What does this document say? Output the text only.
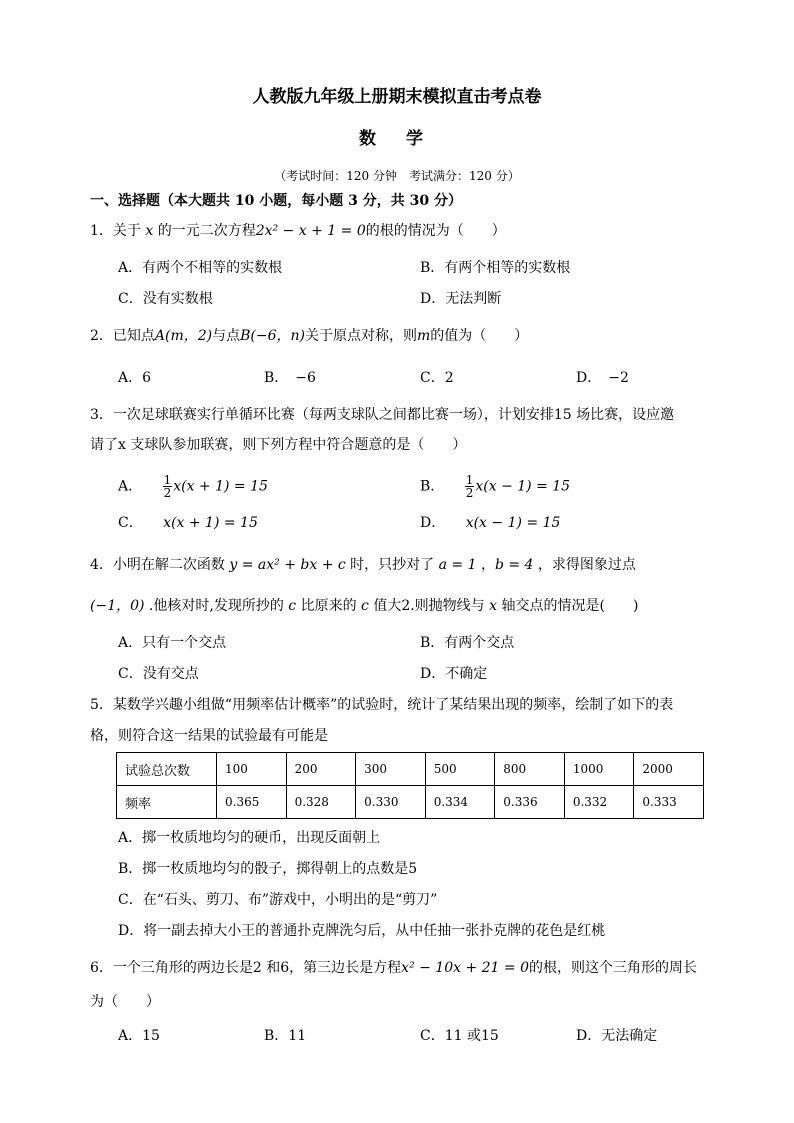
人教版九年级上册期末模拟直击考点卷
数 学
（考试时间：120 分钟　考试满分：120 分）
一、选择题（本大题共 10 小题，每小题 3 分，共 30 分）
1．关于 x 的一元二次方程2x² − x + 1 = 0的根的情况为（　　）
A．有两个不相等的实数根	B．有两个相等的实数根
C．没有实数根	D．无法判断
2．已知点A(m，2)与点B(−6，n)关于原点对称，则m的值为（　　）
A．6	B．　−6	C．2	D．　−2
3．一次足球联赛实行单循环比赛（每两支球队之间都比赛一场），计划安排15 场比赛，设应邀
请了x 支球队参加联赛，则下列方程中符合题意的是（　　）
A． $\frac{1}{2} x(x + 1) = 15$	B． $\frac{1}{2} x(x - 1) = 15$
C． x(x + 1) = 15	D． x(x − 1) = 15
4．小明在解二次函数 y = ax² + bx + c 时，只抄对了 a = 1 ，b = 4 ，求得图象过点
(−1，0) .他核对时,发现所抄的 c 比原来的 c 值大2.则抛物线与 x 轴交点的情况是(　　)
A．只有一个交点	B．有两个交点
C．没有交点	D．不确定
5．某数学兴趣小组做“用频率估计概率”的试验时，统计了某结果出现的频率，绘制了如下的表
格，则符合这一结果的试验最有可能是
试验总次数	100	200	300	500	800	1000	2000
频率	0.365	0.328	0.330	0.334	0.336	0.332	0.333
A．掷一枚质地均匀的硬币，出现反面朝上
B．掷一枚质地均匀的骰子，掷得朝上的点数是5
C．在“石头、剪刀、布”游戏中，小明出的是“剪刀”
D．将一副去掉大小王的普通扑克牌洗匀后，从中任抽一张扑克牌的花色是红桃
6．一个三角形的两边长是2 和6，第三边长是方程x² − 10x + 21 = 0的根，则这个三角形的周长
为（　　）
A．15	B．11	C．11 或15	D．无法确定
